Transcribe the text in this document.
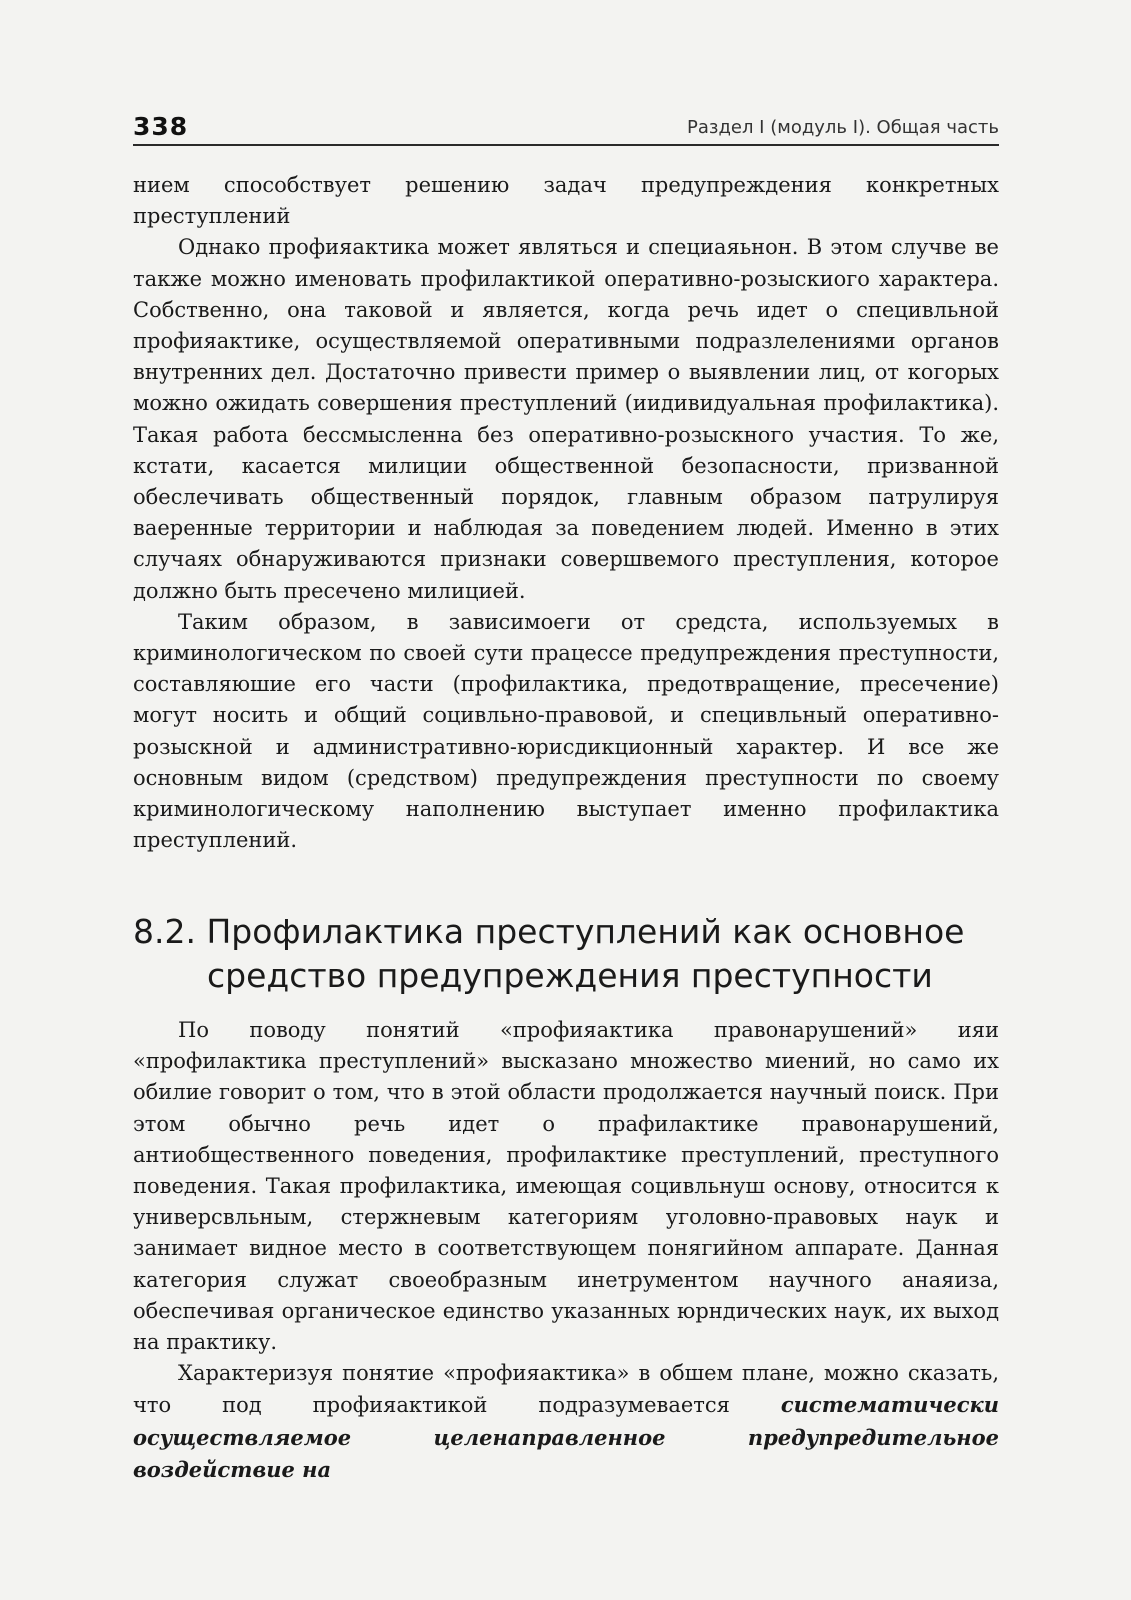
338	Раздел I (модуль I). Общая часть

нием способствует решению задач предупреждения конкретных преступлений

Однако профияактика может являться и специаяьнон. В этом случве ве также можно именовать профилактикой оперативно-розыскиого характера. Собственно, она таковой и является, когда речь идет о специвльной профияактике, осуществляемой оперативными подразлелениями органов внутренних дел. Достаточно привести пример о выявлении лиц, от когорых можно ожидать совершения преступлений (иидивидуальная профилактика). Такая работа бессмысленна без оперативно-розыскного участия. То же, кстати, касается милиции общественной безопасности, призванной обеслечивать общественный порядок, главным образом патрулируя ваеренные территории и наблюдая за поведением людей. Именно в этих случаях обнаруживаются признаки совершвемого преступления, которое должно быть пресечено милицией.

Таким образом, в зависимоеги от средста, используемых в криминологическом по своей сути працессе предупреждения преступности, составляюшие его части (профилактика, предотвращение, пресечение) могут носить и общий социвльно-правовой, и специвльный оперативно-розыскной и административно-юрисдикционный характер. И все же основным видом (средством) предупреждения преступности по своему криминологическому наполнению выступает именно профилактика преступлений.

8.2. Профилактика преступлений как основное
средство предупреждения преступности

По поводу понятий «профияактика правонарушений» ияи «профилактика преступлений» высказано множество миений, но само их обилие говорит о том, что в этой области продолжается научный поиск. При этом обычно речь идет о прафилактике правонарушений, антиобщественного поведения, профилактике преступлений, преступного поведения. Такая профилактика, имеющая социвльнуш основу, относится к универсвльным, стержневым категориям уголовно-правовых наук и занимает видное место в соответствующем понягийном аппарате. Данная категория служат своеобразным инетрументом научного анаяиза, обеспечивая органическое единство указанных юрндических наук, их выход на практику.

Характеризуя понятие «профияактика» в обшем плане, можно сказать, что под профияактикой подразумевается систематически осуществляемое целенаправленное предупредительное воздействие на
